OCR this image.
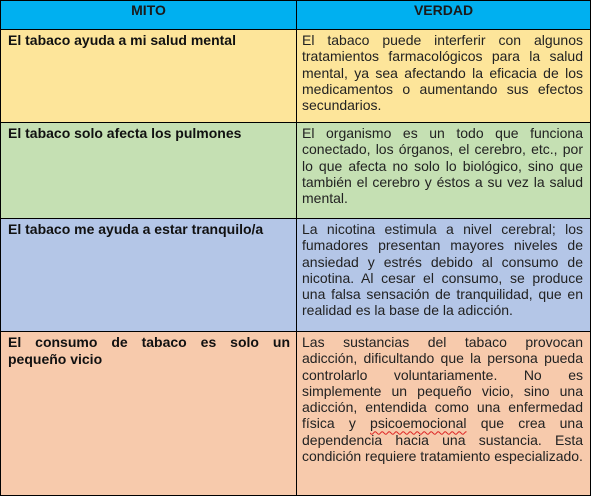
MITO	VERDAD
El tabaco ayuda a mi salud mental	El tabaco puede interferir con algunos tratamientos farmacológicos para la salud mental, ya sea afectando la eficacia de los medicamentos o aumentando sus efectos secundarios.
El tabaco solo afecta los pulmones	El organismo es un todo que funciona conectado, los órganos, el cerebro, etc., por lo que afecta no solo lo biológico, sino que también el cerebro y éstos a su vez la salud mental.
El tabaco me ayuda a estar tranquilo/a	La nicotina estimula a nivel cerebral; los fumadores presentan mayores niveles de ansiedad y estrés debido al consumo de nicotina. Al cesar el consumo, se produce una falsa sensación de tranquilidad, que en realidad es la base de la adicción.
El consumo de tabaco es solo un pequeño vicio	Las sustancias del tabaco provocan adicción, dificultando que la persona pueda controlarlo voluntariamente. No es simplemente un pequeño vicio, sino una adicción, entendida como una enfermedad física y psicoemocional que crea una dependencia hacia una sustancia. Esta condición requiere tratamiento especializado.
